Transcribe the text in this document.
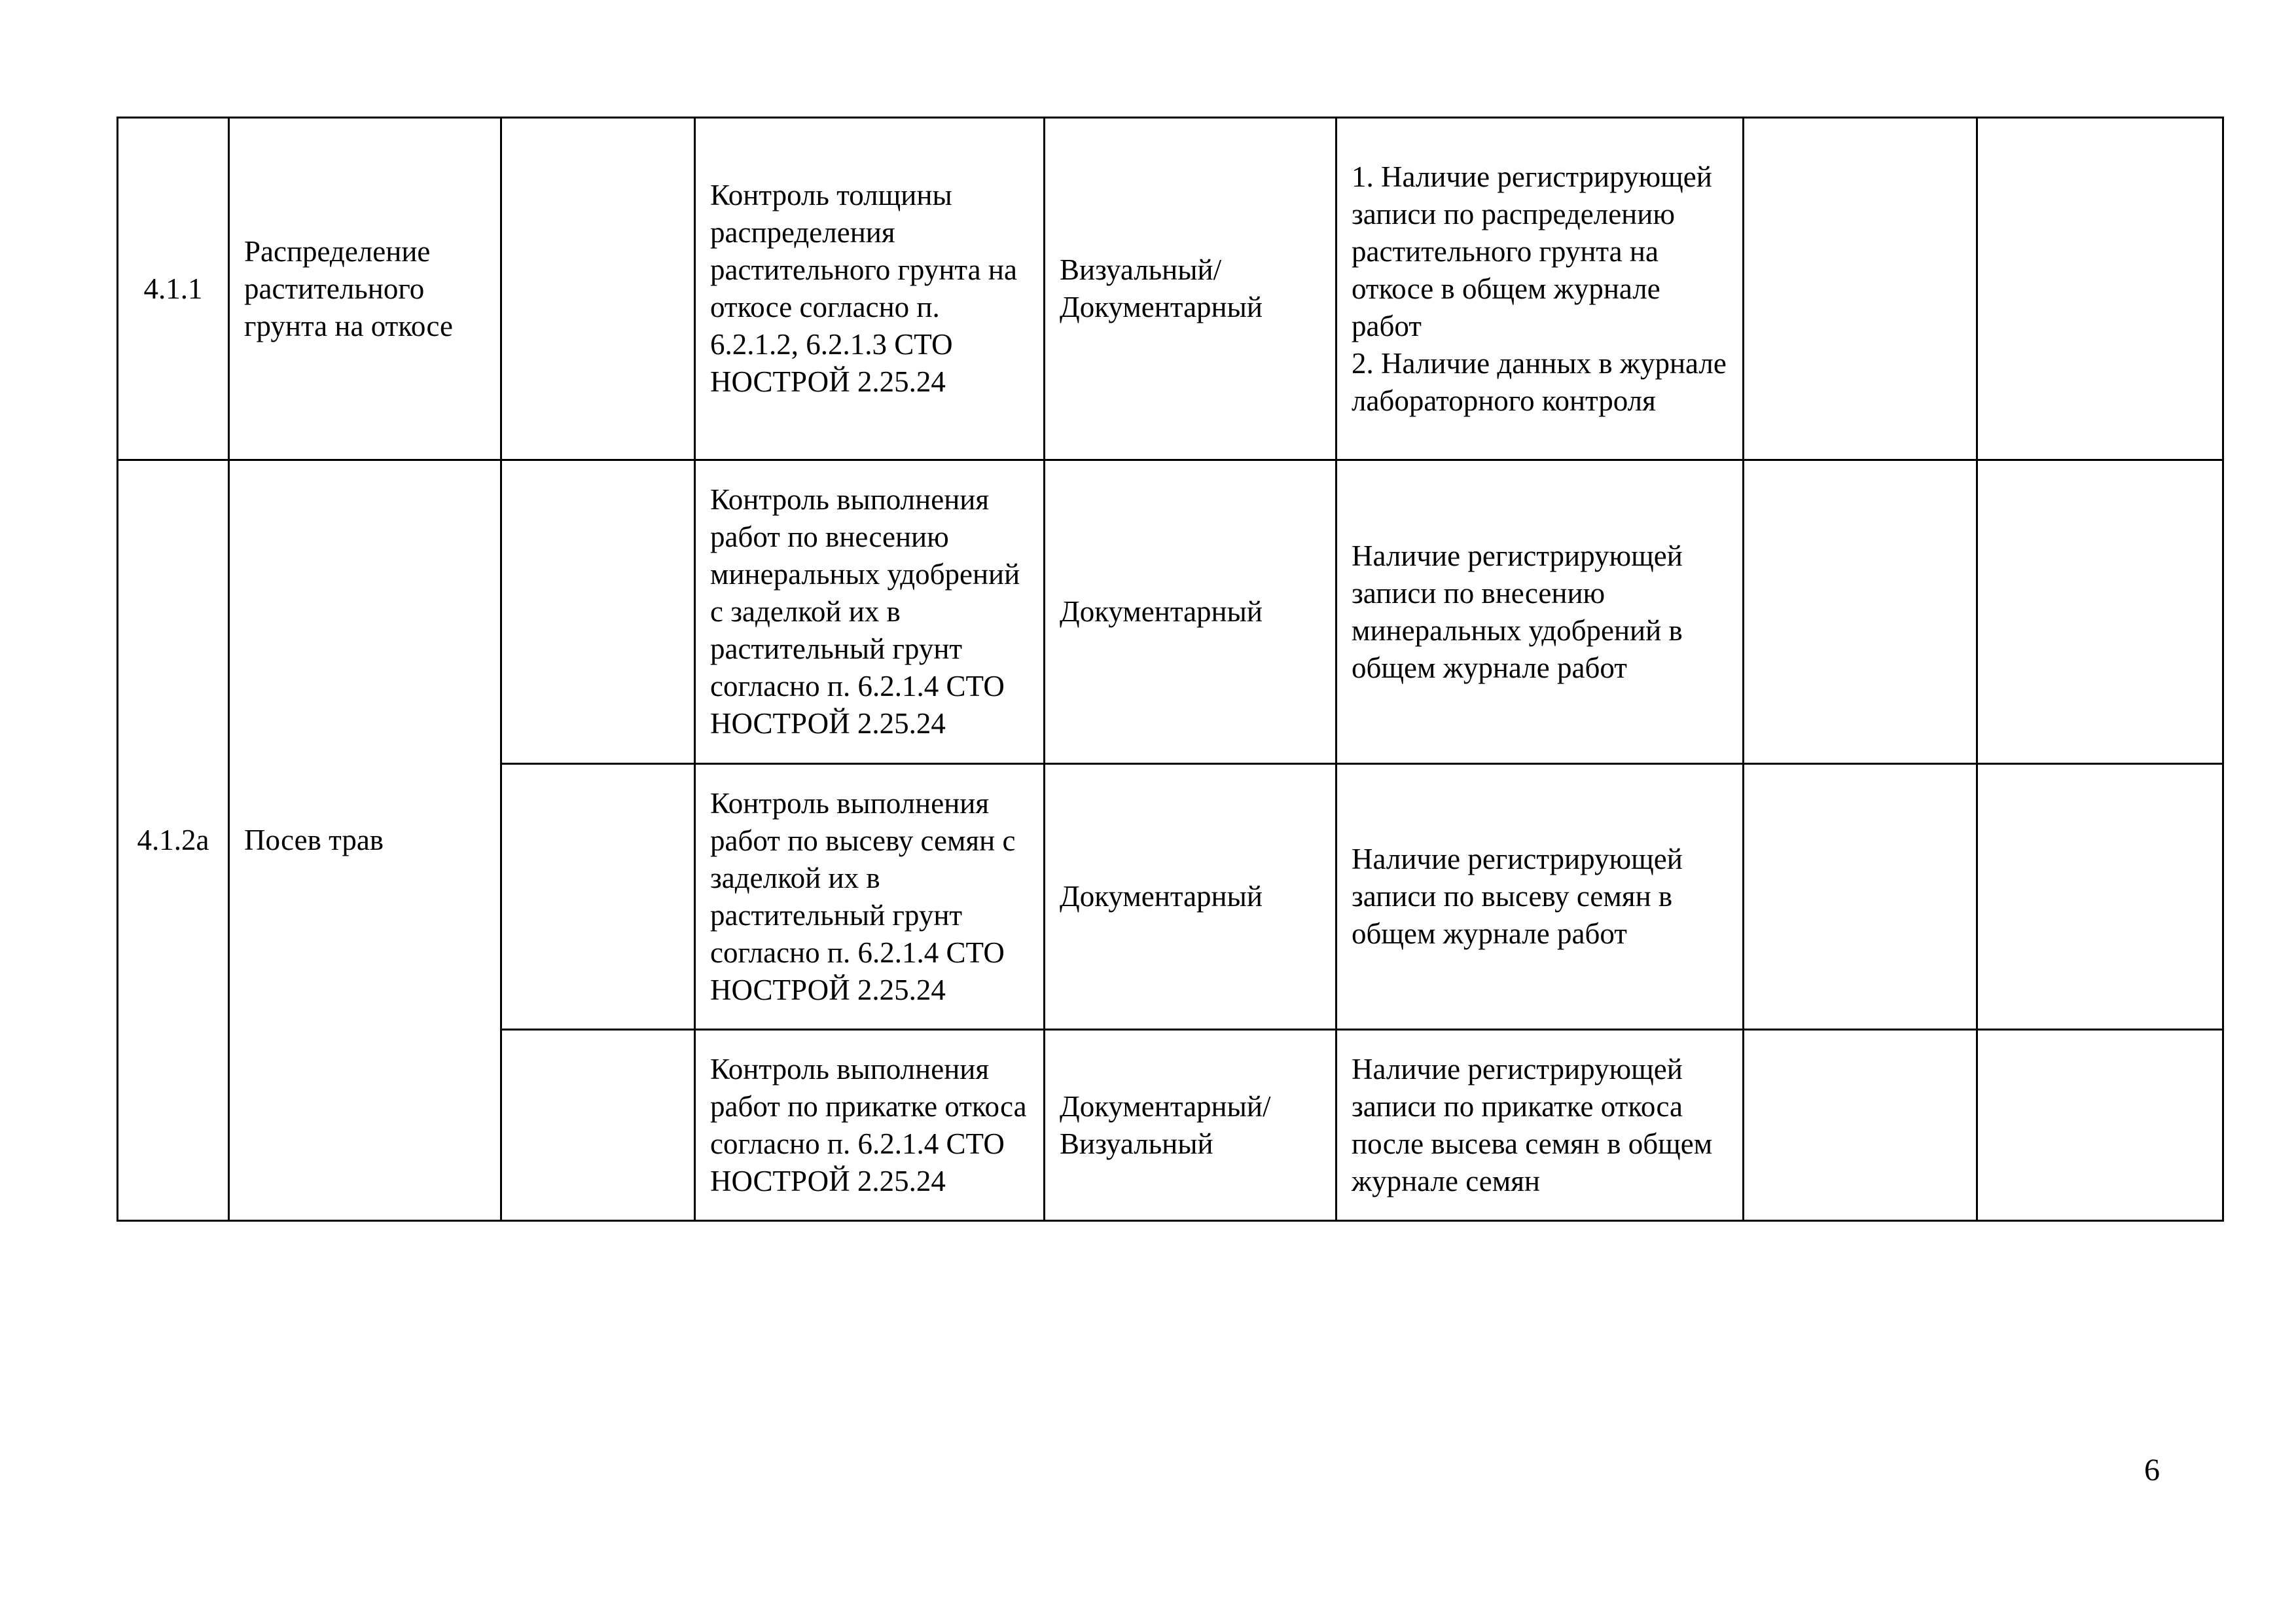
4.1.1	Распределение растительного грунта на откосе		Контроль толщины распределения растительного грунта на откосе согласно п. 6.2.1.2, 6.2.1.3 СТО НОСТРОЙ 2.25.24	Визуальный/ Документарный	1. Наличие регистрирующей записи по распределению растительного грунта на откосе в общем журнале работ
2. Наличие данных в журнале лабораторного контроля		
4.1.2а	Посев трав		Контроль выполнения работ по внесению минеральных удобрений с заделкой их в растительный грунт согласно п. 6.2.1.4 СТО НОСТРОЙ 2.25.24	Документарный	Наличие регистрирующей записи по внесению минеральных удобрений в общем журнале работ		
			Контроль выполнения работ по высеву семян с заделкой их в растительный грунт согласно п. 6.2.1.4 СТО НОСТРОЙ 2.25.24	Документарный	Наличие регистрирующей записи по высеву семян в общем журнале работ		
			Контроль выполнения работ по прикатке откоса согласно п. 6.2.1.4 СТО НОСТРОЙ 2.25.24	Документарный/ Визуальный	Наличие регистрирующей записи по прикатке откоса после высева семян в общем журнале семян		
6
